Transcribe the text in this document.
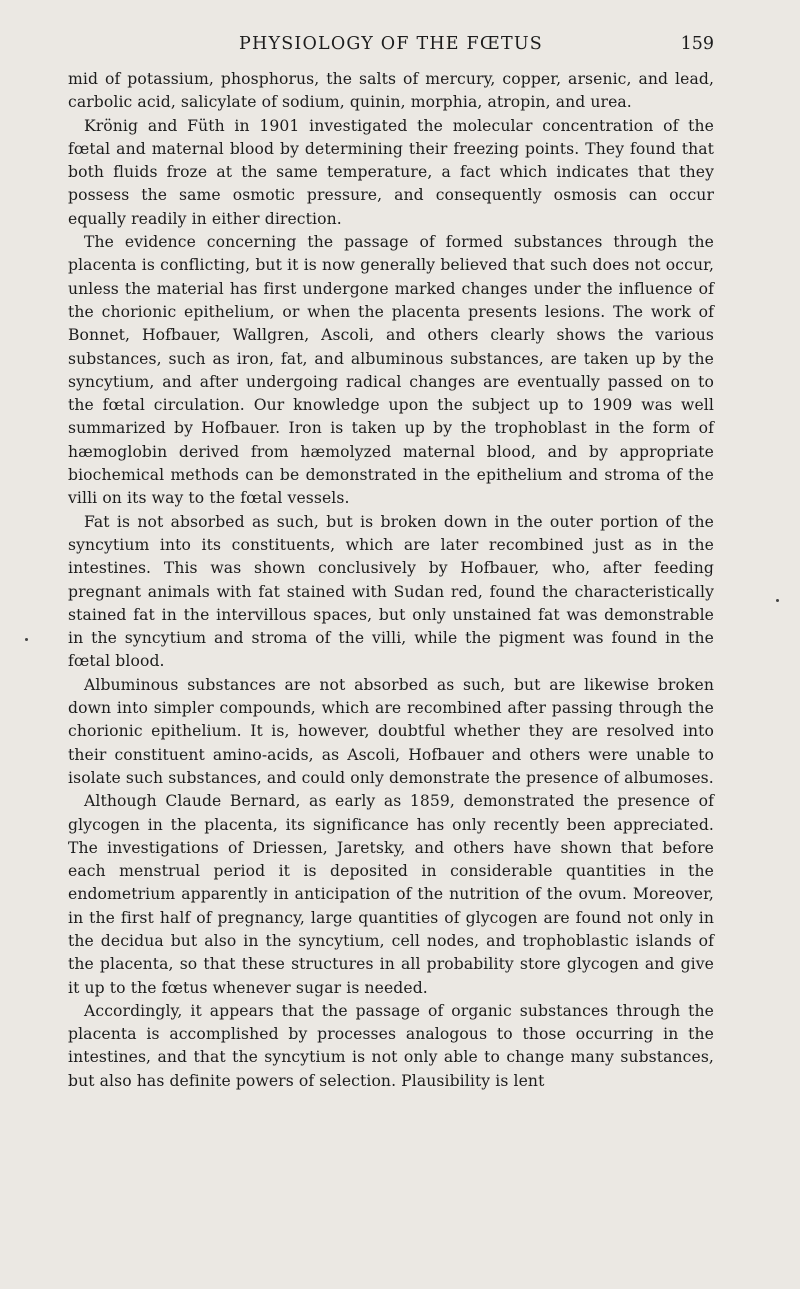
PHYSIOLOGY OF THE FŒTUS	159

mid of potassium, phosphorus, the salts of mercury, copper, arsenic, and lead, carbolic acid, salicylate of sodium, quinin, morphia, atropin, and urea.

Krönig and Füth in 1901 investigated the molecular concentration of the fœtal and maternal blood by determining their freezing points. They found that both fluids froze at the same temperature, a fact which indicates that they possess the same osmotic pressure, and consequently osmosis can occur equally readily in either direction.

The evidence concerning the passage of formed substances through the placenta is conflicting, but it is now generally believed that such does not occur, unless the material has first undergone marked changes under the influence of the chorionic epithelium, or when the placenta presents lesions. The work of Bonnet, Hofbauer, Wallgren, Ascoli, and others clearly shows the various substances, such as iron, fat, and albuminous substances, are taken up by the syncytium, and after undergoing radical changes are eventually passed on to the fœtal circulation. Our knowledge upon the subject up to 1909 was well summarized by Hofbauer. Iron is taken up by the trophoblast in the form of hæmoglobin derived from hæmolyzed maternal blood, and by appropriate biochemical methods can be demonstrated in the epithelium and stroma of the villi on its way to the fœtal vessels.

Fat is not absorbed as such, but is broken down in the outer portion of the syncytium into its constituents, which are later recombined just as in the intestines. This was shown conclusively by Hofbauer, who, after feeding pregnant animals with fat stained with Sudan red, found the characteristically stained fat in the intervillous spaces, but only unstained fat was demonstrable in the syncytium and stroma of the villi, while the pigment was found in the fœtal blood.

Albuminous substances are not absorbed as such, but are likewise broken down into simpler compounds, which are recombined after passing through the chorionic epithelium. It is, however, doubtful whether they are resolved into their constituent amino-acids, as Ascoli, Hofbauer and others were unable to isolate such substances, and could only demonstrate the presence of albumoses.

Although Claude Bernard, as early as 1859, demonstrated the presence of glycogen in the placenta, its significance has only recently been appreciated. The investigations of Driessen, Jaretsky, and others have shown that before each menstrual period it is deposited in considerable quantities in the endometrium apparently in anticipation of the nutrition of the ovum. Moreover, in the first half of pregnancy, large quantities of glycogen are found not only in the decidua but also in the syncytium, cell nodes, and trophoblastic islands of the placenta, so that these structures in all probability store glycogen and give it up to the fœtus whenever sugar is needed.

Accordingly, it appears that the passage of organic substances through the placenta is accomplished by processes analogous to those occurring in the intestines, and that the syncytium is not only able to change many substances, but also has definite powers of selection. Plausibility is lent
